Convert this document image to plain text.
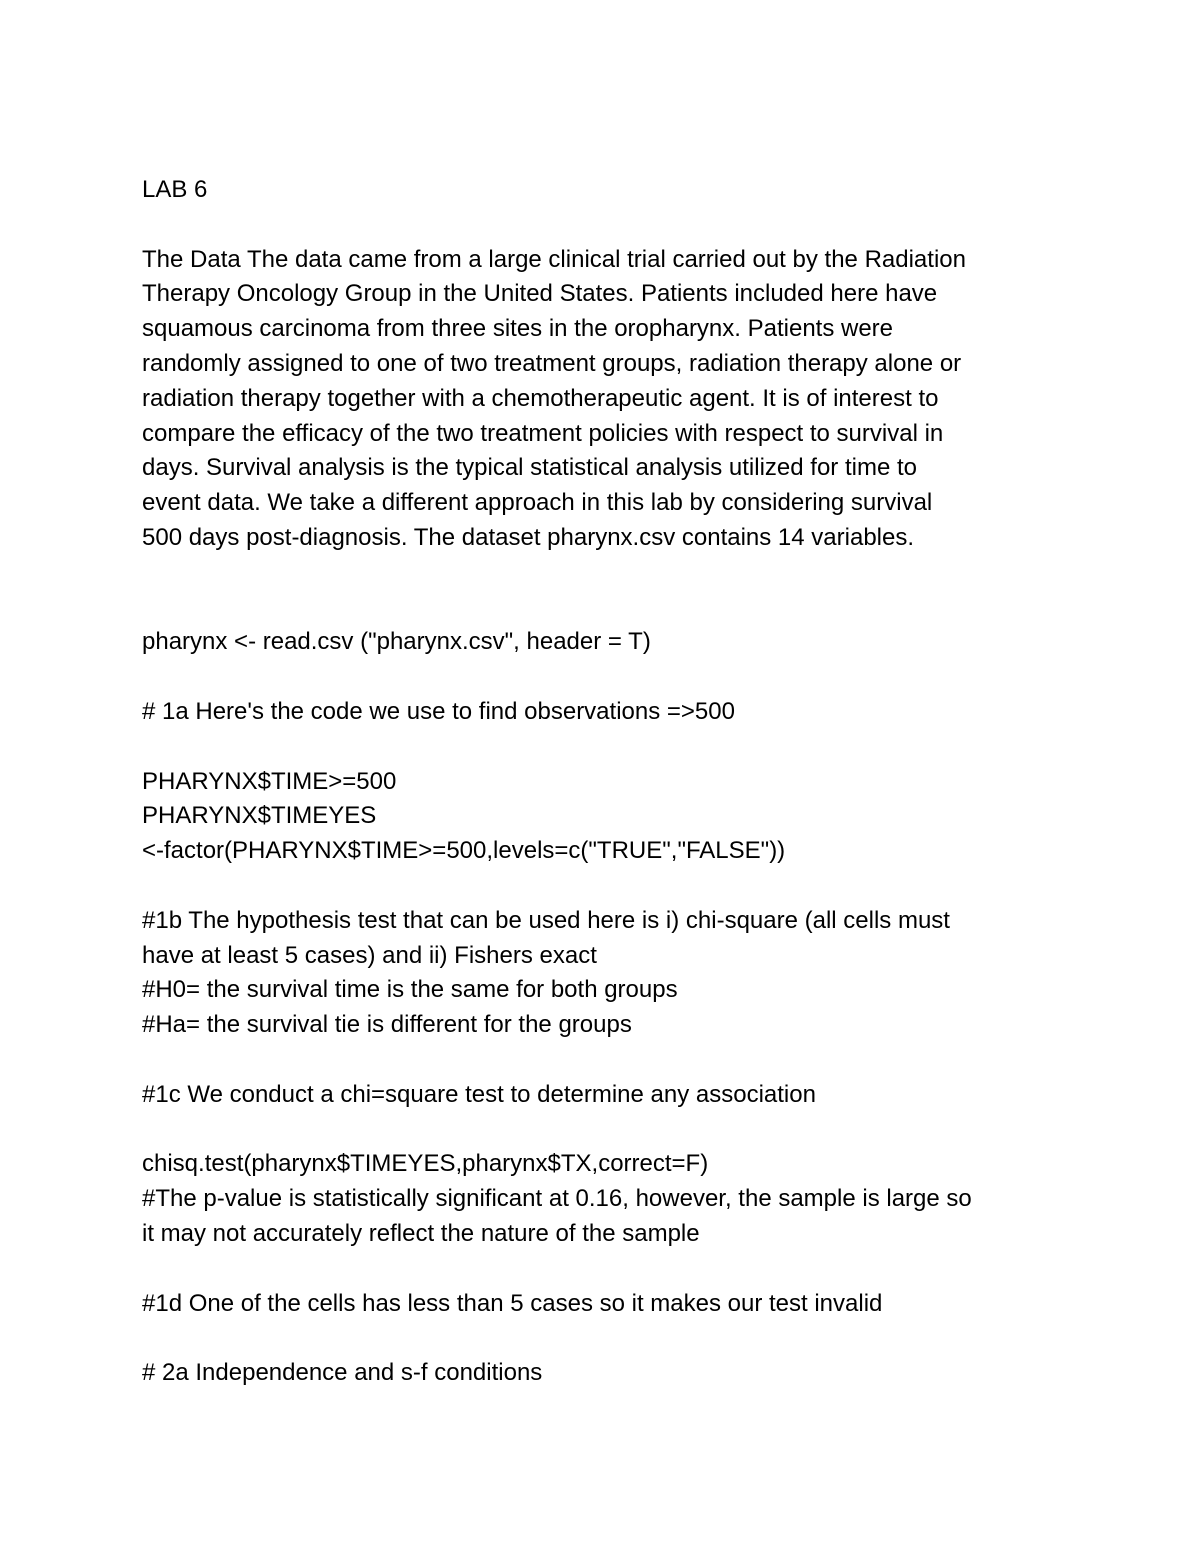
LAB 6
The Data The data came from a large clinical trial carried out by the Radiation
Therapy Oncology Group in the United States. Patients included here have
squamous carcinoma from three sites in the oropharynx. Patients were
randomly assigned to one of two treatment groups, radiation therapy alone or
radiation therapy together with a chemotherapeutic agent. It is of interest to
compare the efficacy of the two treatment policies with respect to survival in
days. Survival analysis is the typical statistical analysis utilized for time to
event data. We take a different approach in this lab by considering survival
500 days post-diagnosis. The dataset pharynx.csv contains 14 variables.
pharynx <- read.csv ("pharynx.csv", header = T)
# 1a Here's the code we use to find observations =>500
PHARYNX$TIME>=500
PHARYNX$TIMEYES
<-factor(PHARYNX$TIME>=500,levels=c("TRUE","FALSE"))
#1b The hypothesis test that can be used here is i) chi-square (all cells must
have at least 5 cases) and ii) Fishers exact
#H0= the survival time is the same for both groups
#Ha= the survival tie is different for the groups
#1c We conduct a chi=square test to determine any association
chisq.test(pharynx$TIMEYES,pharynx$TX,correct=F)
#The p-value is statistically significant at 0.16, however, the sample is large so
it may not accurately reflect the nature of the sample
#1d One of the cells has less than 5 cases so it makes our test invalid
# 2a Independence and s-f conditions
